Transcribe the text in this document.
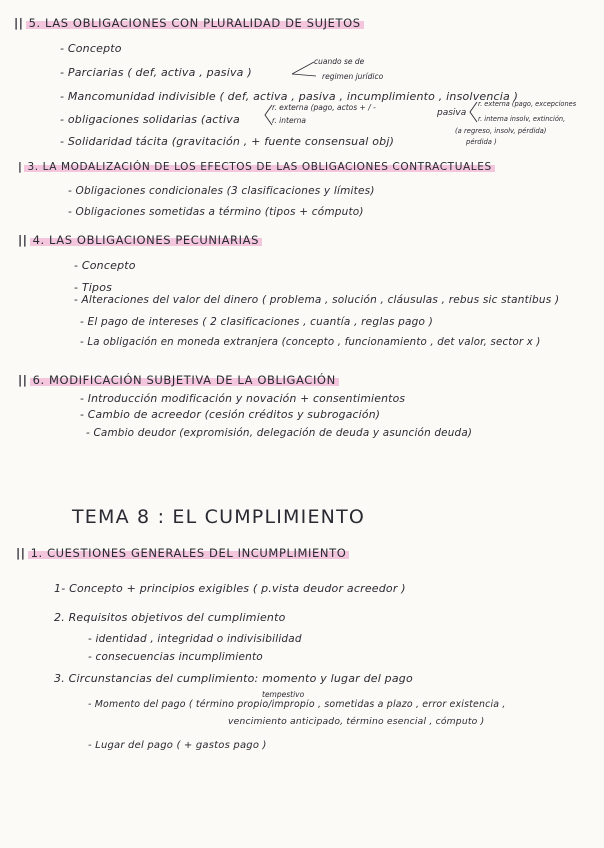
|| 5. LAS OBLIGACIONES CON PLURALIDAD DE SUJETOS
- Concepto
- Parciarias ( def, activa , pasiva )
cuando se de
regimen jurídico
- Mancomunidad indivisible ( def, activa , pasiva , incumplimiento , insolvencia )
- obligaciones solidarias (activa
r. externa (pago, actos + / -
r. interna
pasiva
r. externa (pago, excepciones
r. interna insolv, extinción,
(a regreso, insolv, pérdida)
pérdida )
- Solidaridad tácita (gravitación , + fuente consensual obj)
| 3. LA MODALIZACIÓN DE LOS EFECTOS DE LAS OBLIGACIONES CONTRACTUALES
- Obligaciones condicionales (3 clasificaciones y límites)
- Obligaciones sometidas a término (tipos + cómputo)
|| 4. LAS OBLIGACIONES PECUNIARIAS
- Concepto
- Tipos
- Alteraciones del valor del dinero ( problema , solución , cláusulas , rebus sic stantibus )
- El pago de intereses ( 2 clasificaciones , cuantía , reglas pago )
- La obligación en moneda extranjera (concepto , funcionamiento , det valor, sector x )
|| 6. MODIFICACIÓN SUBJETIVA DE LA OBLIGACIÓN
- Introducción modificación y novación + consentimientos
- Cambio de acreedor (cesión créditos y subrogación)
- Cambio deudor (expromisión, delegación de deuda y asunción deuda)
TEMA 8 : EL CUMPLIMIENTO
|| 1. CUESTIONES GENERALES DEL INCUMPLIMIENTO
1- Concepto + principios exigibles ( p.vista deudor acreedor )
2. Requisitos objetivos del cumplimiento
- identidad , integridad o indivisibilidad
- consecuencias incumplimiento
3. Circunstancias del cumplimiento: momento y lugar del pago
tempestivo
- Momento del pago ( término propio/impropio , sometidas a plazo , error existencia ,
vencimiento anticipado, término esencial , cómputo )
- Lugar del pago ( + gastos pago )
